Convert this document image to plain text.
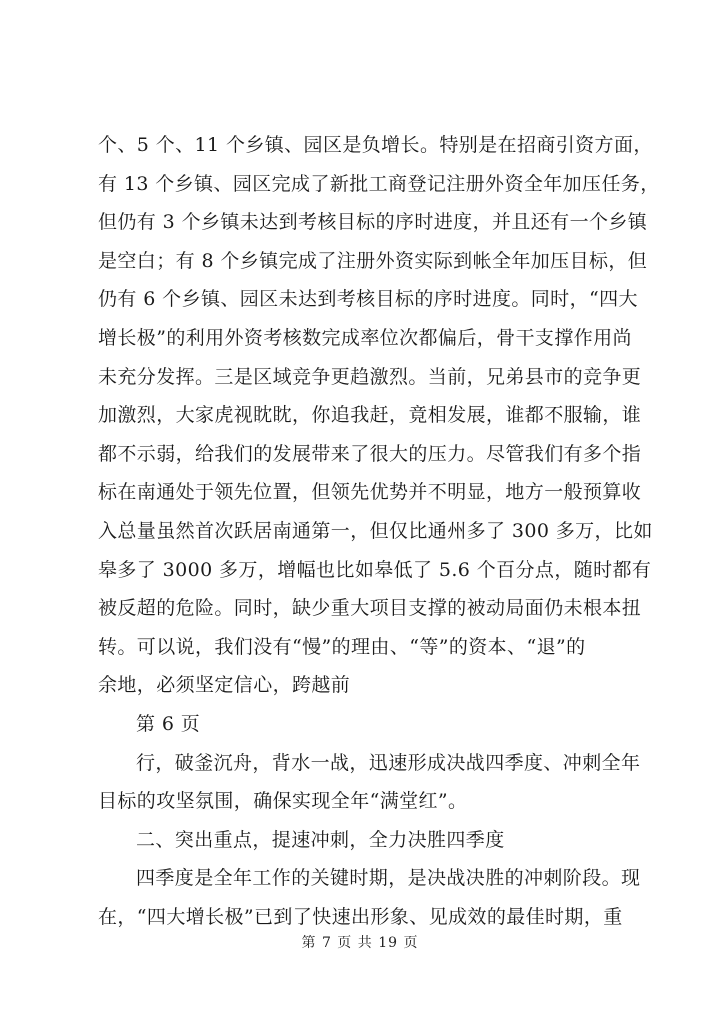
个、5 个、11 个乡镇、园区是负增长。特别是在招商引资方面，
有 13 个乡镇、园区完成了新批工商登记注册外资全年加压任务，
但仍有 3 个乡镇未达到考核目标的序时进度，并且还有一个乡镇
是空白；有 8 个乡镇完成了注册外资实际到帐全年加压目标，但
仍有 6 个乡镇、园区未达到考核目标的序时进度。同时，“四大
增长极”的利用外资考核数完成率位次都偏后，骨干支撑作用尚
未充分发挥。三是区域竞争更趋激烈。当前，兄弟县市的竞争更
加激烈，大家虎视眈眈，你追我赶，竟相发展，谁都不服输，谁
都不示弱，给我们的发展带来了很大的压力。尽管我们有多个指
标在南通处于领先位置，但领先优势并不明显，地方一般预算收
入总量虽然首次跃居南通第一，但仅比通州多了 300 多万，比如
皋多了 3000 多万，增幅也比如皋低了 5.6 个百分点，随时都有
被反超的危险。同时，缺少重大项目支撑的被动局面仍未根本扭
转。可以说，我们没有“慢”的理由、“等”的资本、“退”的
余地，必须坚定信心，跨越前
第 6 页
行，破釜沉舟，背水一战，迅速形成决战四季度、冲刺全年
目标的攻坚氛围，确保实现全年“满堂红”。
二、突出重点，提速冲刺，全力决胜四季度
四季度是全年工作的关键时期，是决战决胜的冲刺阶段。现
在，“四大增长极”已到了快速出形象、见成效的最佳时期，重
第 7 页 共 19 页
